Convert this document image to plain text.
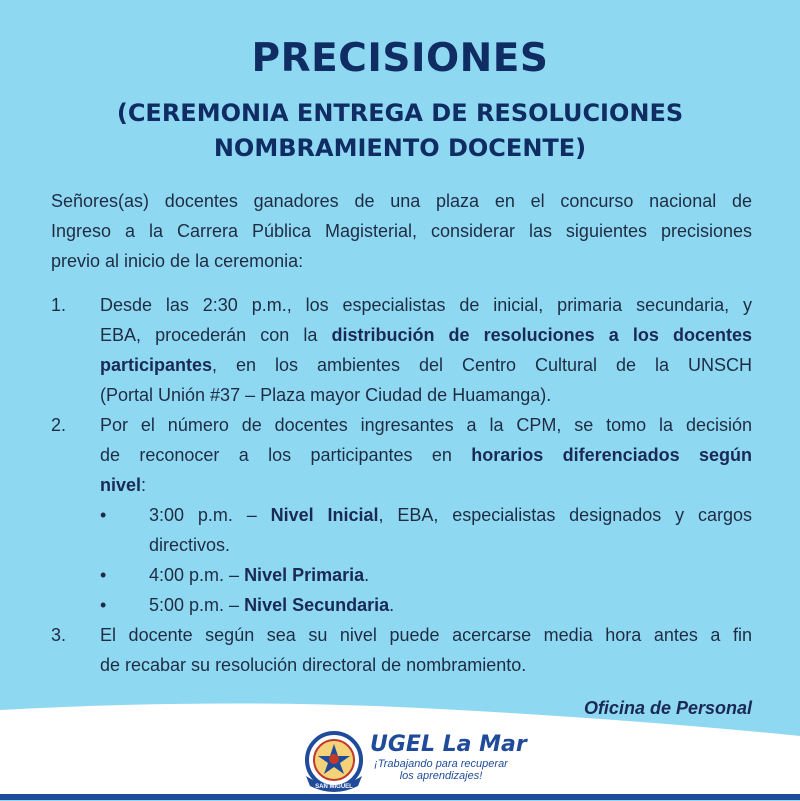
PRECISIONES
(CEREMONIA ENTREGA DE RESOLUCIONES
NOMBRAMIENTO DOCENTE)
Señores(as) docentes ganadores de una plaza en el concurso nacional de
Ingreso a la Carrera Pública Magisterial, considerar las siguientes precisiones
previo al inicio de la ceremonia:
1. Desde las 2:30 p.m., los especialistas de inicial, primaria secundaria, y
EBA, procederán con la distribución de resoluciones a los docentes
participantes, en los ambientes del Centro Cultural de la UNSCH
(Portal Unión #37 – Plaza mayor Ciudad de Huamanga).
2. Por el número de docentes ingresantes a la CPM, se tomo la decisión
de reconocer a los participantes en horarios diferenciados según
nivel:
• 3:00 p.m. – Nivel Inicial, EBA, especialistas designados y cargos
directivos.
• 4:00 p.m. – Nivel Primaria.
• 5:00 p.m. – Nivel Secundaria.
3. El docente según sea su nivel puede acercarse media hora antes a fin
de recabar su resolución directoral de nombramiento.
Oficina de Personal
SAN MIGUEL
UGEL La Mar
¡Trabajando para recuperar
los aprendizajes!
